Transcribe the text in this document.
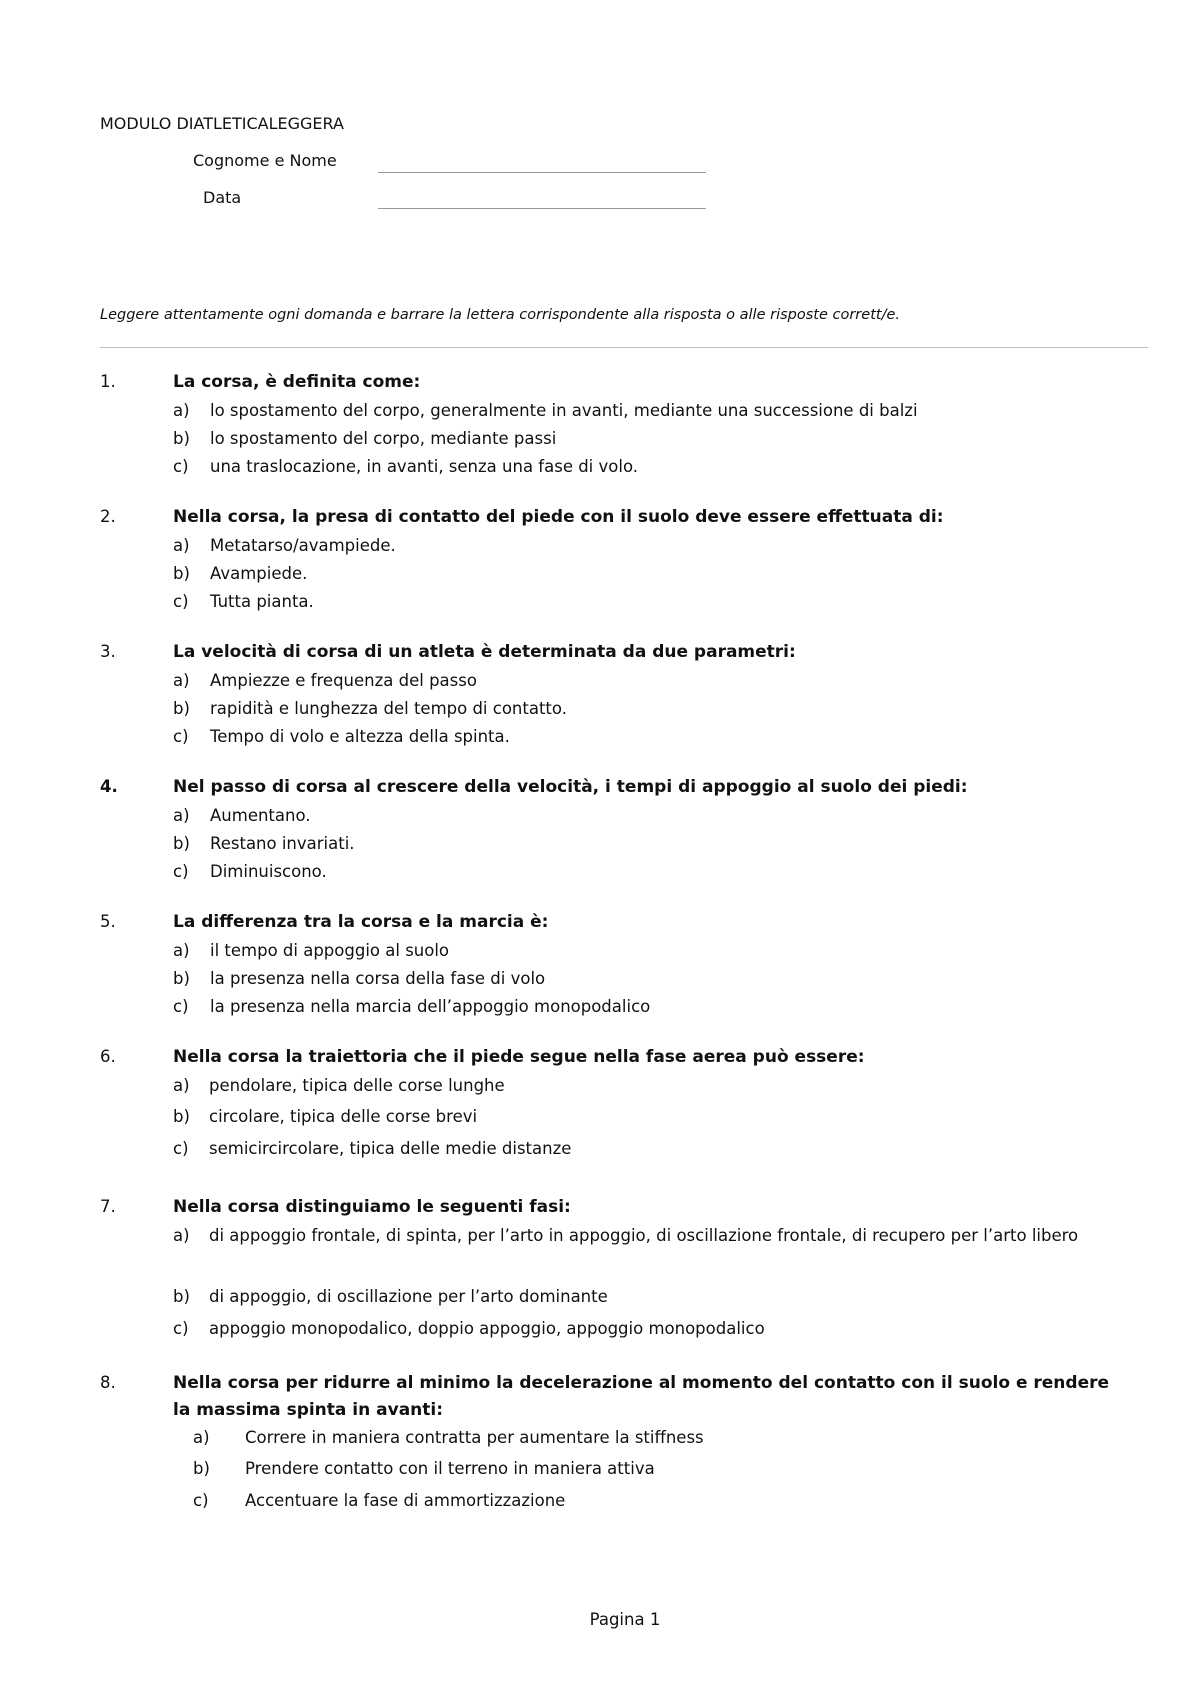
MODULO DIATLETICALEGGERA
Cognome e Nome
Data
Leggere attentamente ogni domanda e barrare la lettera corrispondente alla risposta o alle risposte corrett/e.
1.	La corsa, è definita come:
a) lo spostamento del corpo, generalmente in avanti, mediante una successione di balzi
b) lo spostamento del corpo, mediante passi
c) una traslocazione, in avanti, senza una fase di volo.
2.	Nella corsa, la presa di contatto del piede con il suolo deve essere effettuata di:
a) Metatarso/avampiede.
b) Avampiede.
c) Tutta pianta.
3.	La velocità di corsa di un atleta è determinata da due parametri:
a) Ampiezze e frequenza del passo
b) rapidità e lunghezza del tempo di contatto.
c) Tempo di volo e altezza della spinta.
4.	Nel passo di corsa al crescere della velocità, i tempi di appoggio al suolo dei piedi:
a) Aumentano.
b) Restano invariati.
c) Diminuiscono.
5.	La differenza tra la corsa e la marcia è:
a) il tempo di appoggio al suolo
b) la presenza nella corsa della fase di volo
c) la presenza nella marcia dell’appoggio monopodalico
6.	Nella corsa la traiettoria che il piede segue nella fase aerea può essere:
a) pendolare, tipica delle corse lunghe
b) circolare, tipica delle corse brevi
c) semicircircolare, tipica delle medie distanze
7.	Nella corsa distinguiamo le seguenti fasi:
a) di appoggio frontale, di spinta, per l’arto in appoggio, di oscillazione frontale, di recupero per l’arto libero
b) di appoggio, di oscillazione per l’arto dominante
c) appoggio monopodalico, doppio appoggio, appoggio monopodalico
8.	Nella corsa per ridurre al minimo la decelerazione al momento del contatto con il suolo e rendere la massima spinta in avanti:
a) Correre in maniera contratta per aumentare la stiffness
b) Prendere contatto con il terreno in maniera attiva
c) Accentuare la fase di ammortizzazione
Pagina 1
